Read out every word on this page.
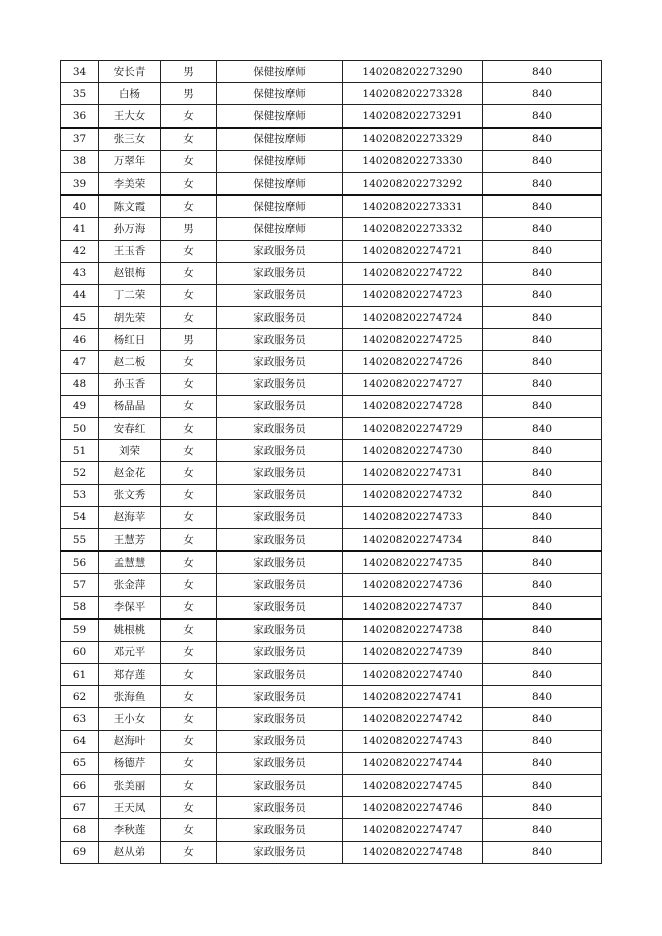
34	安长青	男	保健按摩师	140208202273290	840
35	白杨	男	保健按摩师	140208202273328	840
36	王大女	女	保健按摩师	140208202273291	840
37	张三女	女	保健按摩师	140208202273329	840
38	万翠年	女	保健按摩师	140208202273330	840
39	李美荣	女	保健按摩师	140208202273292	840
40	陈文霞	女	保健按摩师	140208202273331	840
41	孙万海	男	保健按摩师	140208202273332	840
42	王玉香	女	家政服务员	140208202274721	840
43	赵银梅	女	家政服务员	140208202274722	840
44	丁二荣	女	家政服务员	140208202274723	840
45	胡先荣	女	家政服务员	140208202274724	840
46	杨红日	男	家政服务员	140208202274725	840
47	赵二板	女	家政服务员	140208202274726	840
48	孙玉香	女	家政服务员	140208202274727	840
49	杨晶晶	女	家政服务员	140208202274728	840
50	安春红	女	家政服务员	140208202274729	840
51	刘荣	女	家政服务员	140208202274730	840
52	赵金花	女	家政服务员	140208202274731	840
53	张文秀	女	家政服务员	140208202274732	840
54	赵海苹	女	家政服务员	140208202274733	840
55	王慧芳	女	家政服务员	140208202274734	840
56	孟慧慧	女	家政服务员	140208202274735	840
57	张金萍	女	家政服务员	140208202274736	840
58	李保平	女	家政服务员	140208202274737	840
59	姚根桃	女	家政服务员	140208202274738	840
60	邓元平	女	家政服务员	140208202274739	840
61	郑存莲	女	家政服务员	140208202274740	840
62	张海鱼	女	家政服务员	140208202274741	840
63	王小女	女	家政服务员	140208202274742	840
64	赵海叶	女	家政服务员	140208202274743	840
65	杨德芹	女	家政服务员	140208202274744	840
66	张美丽	女	家政服务员	140208202274745	840
67	王天凤	女	家政服务员	140208202274746	840
68	李秋莲	女	家政服务员	140208202274747	840
69	赵从弟	女	家政服务员	140208202274748	840
